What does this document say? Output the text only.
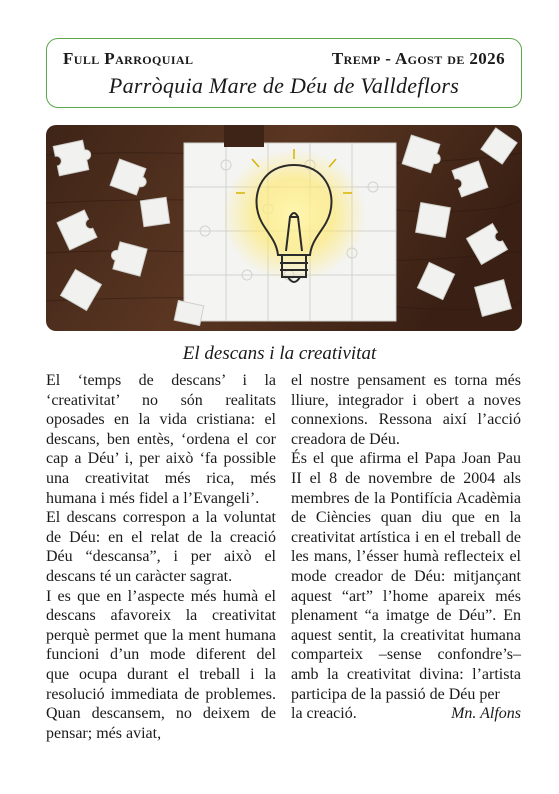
Full Parroquial	Tremp - Agost de 2026
Parròquia Mare de Déu de Valldeflors
El descans i la creativitat

El ‘temps de descans’ i la ‘creativitat’ no són realitats oposades en la vida cristiana: el descans, ben entès, ‘ordena el cor cap a Déu’ i, per això ‘fa possible una creativitat més rica, més humana i més fidel a l’Evangeli’.

El descans correspon a la voluntat de Déu: en el relat de la creació Déu “descansa”, i per això el descans té un caràcter sagrat.

I es que en l’aspecte més humà el descans afavoreix la creativitat perquè permet que la ment humana funcioni d’un mode diferent del que ocupa durant el treball i la resolució immediata de problemes. Quan descansem, no deixem de pensar; més aviat,

el nostre pensament es torna més lliure, integrador i obert a noves connexions. Ressona així l’acció creadora de Déu.

És el que afirma el Papa Joan Pau II el 8 de novembre de 2004 als membres de la Pontifícia Acadèmia de Ciències quan diu que en la creativitat artística i en el treball de les mans, l’ésser humà reflecteix el mode creador de Déu: mitjançant aquest “art” l’home apareix més plenament “a imatge de Déu”. En aquest sentit, la creativitat humana comparteix –sense confondre’s– amb la creativitat divina: l’artista participa de la passió de Déu per

la creació.	Mn. Alfons
